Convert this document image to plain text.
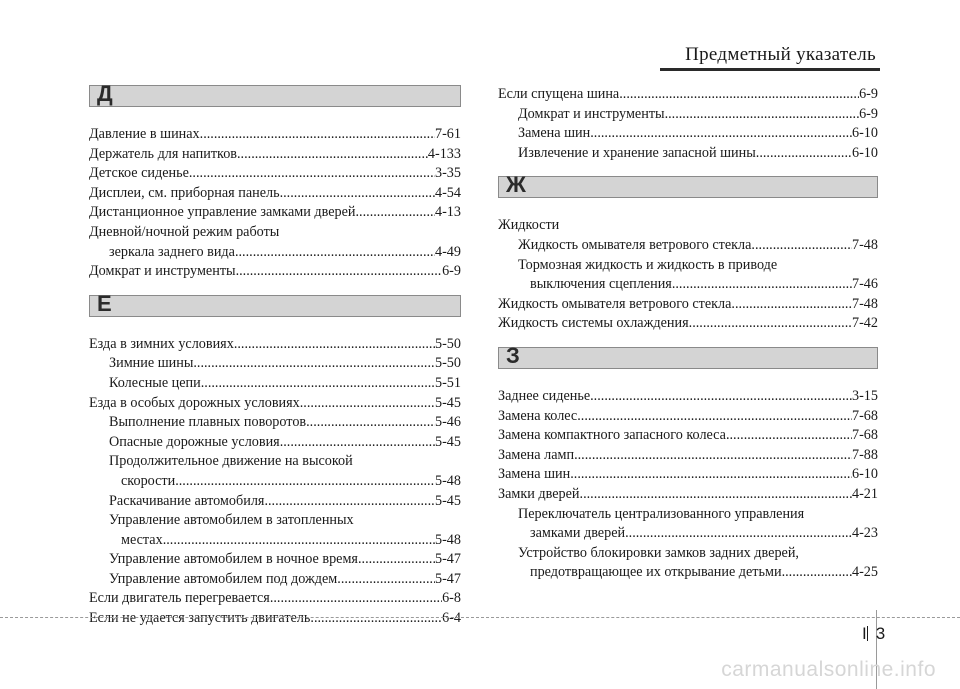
Предметный указатель
Д
Давление в шинах .....	7-61
Держатель для напитков .....	4-133
Детское сиденье .....	3-35
Дисплеи, см. приборная панель .....	4-54
Дистанционное управление замками дверей .....	4-13
Дневной/ночной режим работы
зеркала заднего вида .....	4-49
Домкрат и инструменты .....	6-9
Е
Езда в зимних условиях .....	5-50
Зимние шины .....	5-50
Колесные цепи .....	5-51
Езда в особых дорожных условиях .....	5-45
Выполнение плавных поворотов .....	5-46
Опасные дорожные условия .....	5-45
Продолжительное движение на высокой
скорости .....	5-48
Раскачивание автомобиля .....	5-45
Управление автомобилем в затопленных
местах .....	5-48
Управление автомобилем в ночное время .....	5-47
Управление автомобилем под дождем .....	5-47
Если двигатель перегревается .....	6-8
Если не удается запустить двигатель .....	6-4
Если спущена шина .....	6-9
Домкрат и инструменты .....	6-9
Замена шин .....	6-10
Извлечение и хранение запасной шины .....	6-10
Ж
Жидкости
Жидкость омывателя ветрового стекла .....	7-48
Тормозная жидкость и жидкость в приводе
выключения сцепления .....	7-46
Жидкость омывателя ветрового стекла .....	7-48
Жидкость системы охлаждения .....	7-42
З
Заднее сиденье .....	3-15
Замена колес .....	7-68
Замена компактного запасного колеса .....	7-68
Замена ламп .....	7-88
Замена шин .....	6-10
Замки дверей .....	4-21
Переключатель централизованного управления
замками дверей .....	4-23
Устройство блокировки замков задних дверей,
предотвращающее их открывание детьми .....	4-25
I 3
carmanualsonline.info
